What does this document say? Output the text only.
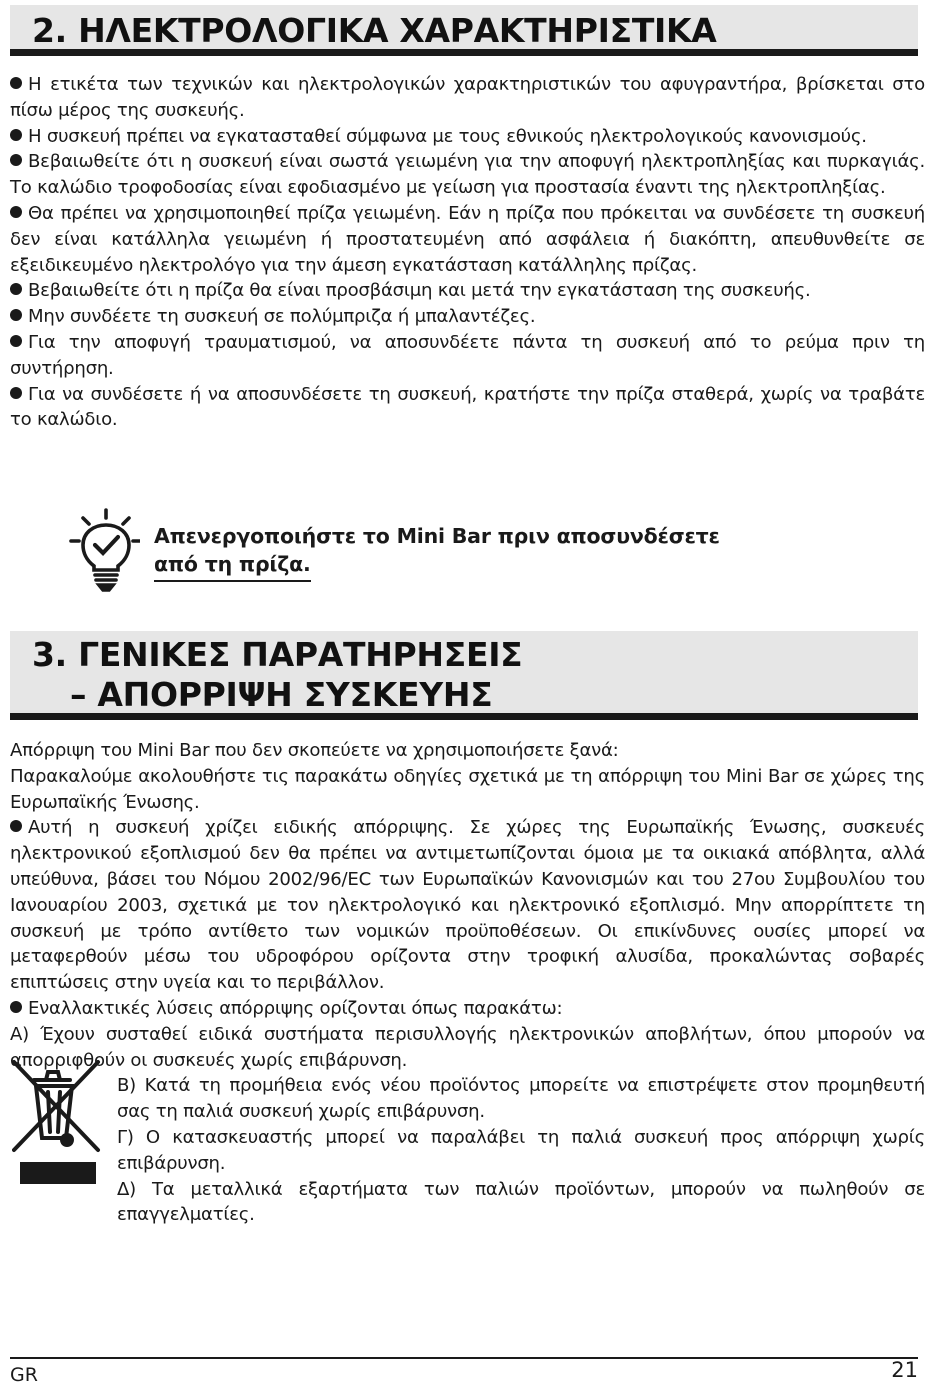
2. ΗΛΕΚΤΡΟΛΟΓΙΚΑ ΧΑΡΑΚΤΗΡΙΣΤΙΚΑ

Η ετικέτα των τεχνικών και ηλεκτρολογικών χαρακτηριστικών του αφυγραντήρα, βρίσκεται στο πίσω μέρος της συσκευής.

Η συσκευή πρέπει να εγκατασταθεί σύμφωνα με τους εθνικούς ηλεκτρολογικούς κανονισμούς.

Βεβαιωθείτε ότι η συσκευή είναι σωστά γειωμένη για την αποφυγή ηλεκτροπληξίας και πυρκαγιάς. Το καλώδιο τροφοδοσίας είναι εφοδιασμένο με γείωση για προστασία έναντι της ηλεκτροπληξίας.

Θα πρέπει να χρησιμοποιηθεί πρίζα γειωμένη. Εάν η πρίζα που πρόκειται να συνδέσετε τη συσκευή δεν είναι κατάλληλα γειωμένη ή προστατευμένη από ασφάλεια ή διακόπτη, απευθυνθείτε σε εξειδικευμένο ηλεκτρολόγο για την άμεση εγκατάσταση κατάλληλης πρίζας.

Βεβαιωθείτε ότι η πρίζα θα είναι προσβάσιμη και μετά την εγκατάσταση της συσκευής.

Μην συνδέετε τη συσκευή σε πολύμπριζα ή μπαλαντέζες.

Για την αποφυγή τραυματισμού, να αποσυνδέετε πάντα τη συσκευή από το ρεύμα πριν τη συντήρηση.

Για να συνδέσετε ή να αποσυνδέσετε τη συσκευή, κρατήστε την πρίζα σταθερά, χωρίς να τραβάτε το καλώδιο.

Απενεργοποιήστε το Mini Bar πριν αποσυνδέσετε
από τη πρίζα.
3. ΓΕΝΙΚΕΣ ΠΑΡΑΤΗΡΗΣΕΙΣ
– ΑΠΟΡΡΙΨΗ ΣΥΣΚΕΥΗΣ

Απόρριψη του Mini Bar που δεν σκοπεύετε να χρησιμοποιήσετε ξανά:

Παρακαλούμε ακολουθήστε τις παρακάτω οδηγίες σχετικά με τη απόρριψη του Mini Bar σε χώρες της Ευρωπαϊκής Ένωσης.

Αυτή η συσκευή χρίζει ειδικής απόρριψης. Σε χώρες της Ευρωπαϊκής Ένωσης, συσκευές ηλεκτρονικού εξοπλισμού δεν θα πρέπει να αντιμετωπίζονται όμοια με τα οικιακά απόβλητα, αλλά υπεύθυνα, βάσει του Νόμου 2002/96/EC των Ευρωπαϊκών Κανονισμών και του 27ου Συμβουλίου του Ιανουαρίου 2003, σχετικά με τον ηλεκτρολογικό και ηλεκτρονικό εξοπλισμό. Μην απορρίπτετε τη συσκευή με τρόπο αντίθετο των νομικών προϋποθέσεων. Οι επικίνδυνες ουσίες μπορεί να μεταφερθούν μέσω του υδροφόρου ορίζοντα στην τροφική αλυσίδα, προκαλώντας σοβαρές επιπτώσεις στην υγεία και το περιβάλλον.

Εναλλακτικές λύσεις απόρριψης ορίζονται όπως παρακάτω:

Α) Έχουν συσταθεί ειδικά συστήματα περισυλλογής ηλεκτρονικών αποβλήτων, όπου μπορούν να απορριφθούν οι συσκευές χωρίς επιβάρυνση.

Β) Κατά τη προμήθεια ενός νέου προϊόντος μπορείτε να επιστρέψετε στον προμηθευτή σας τη παλιά συσκευή χωρίς επιβάρυνση.

Γ) Ο κατασκευαστής μπορεί να παραλάβει τη παλιά συσκευή προς απόρριψη χωρίς επιβάρυνση.

Δ) Τα μεταλλικά εξαρτήματα των παλιών προϊόντων, μπορούν να πωληθούν σε επαγγελματίες.

GR	21
